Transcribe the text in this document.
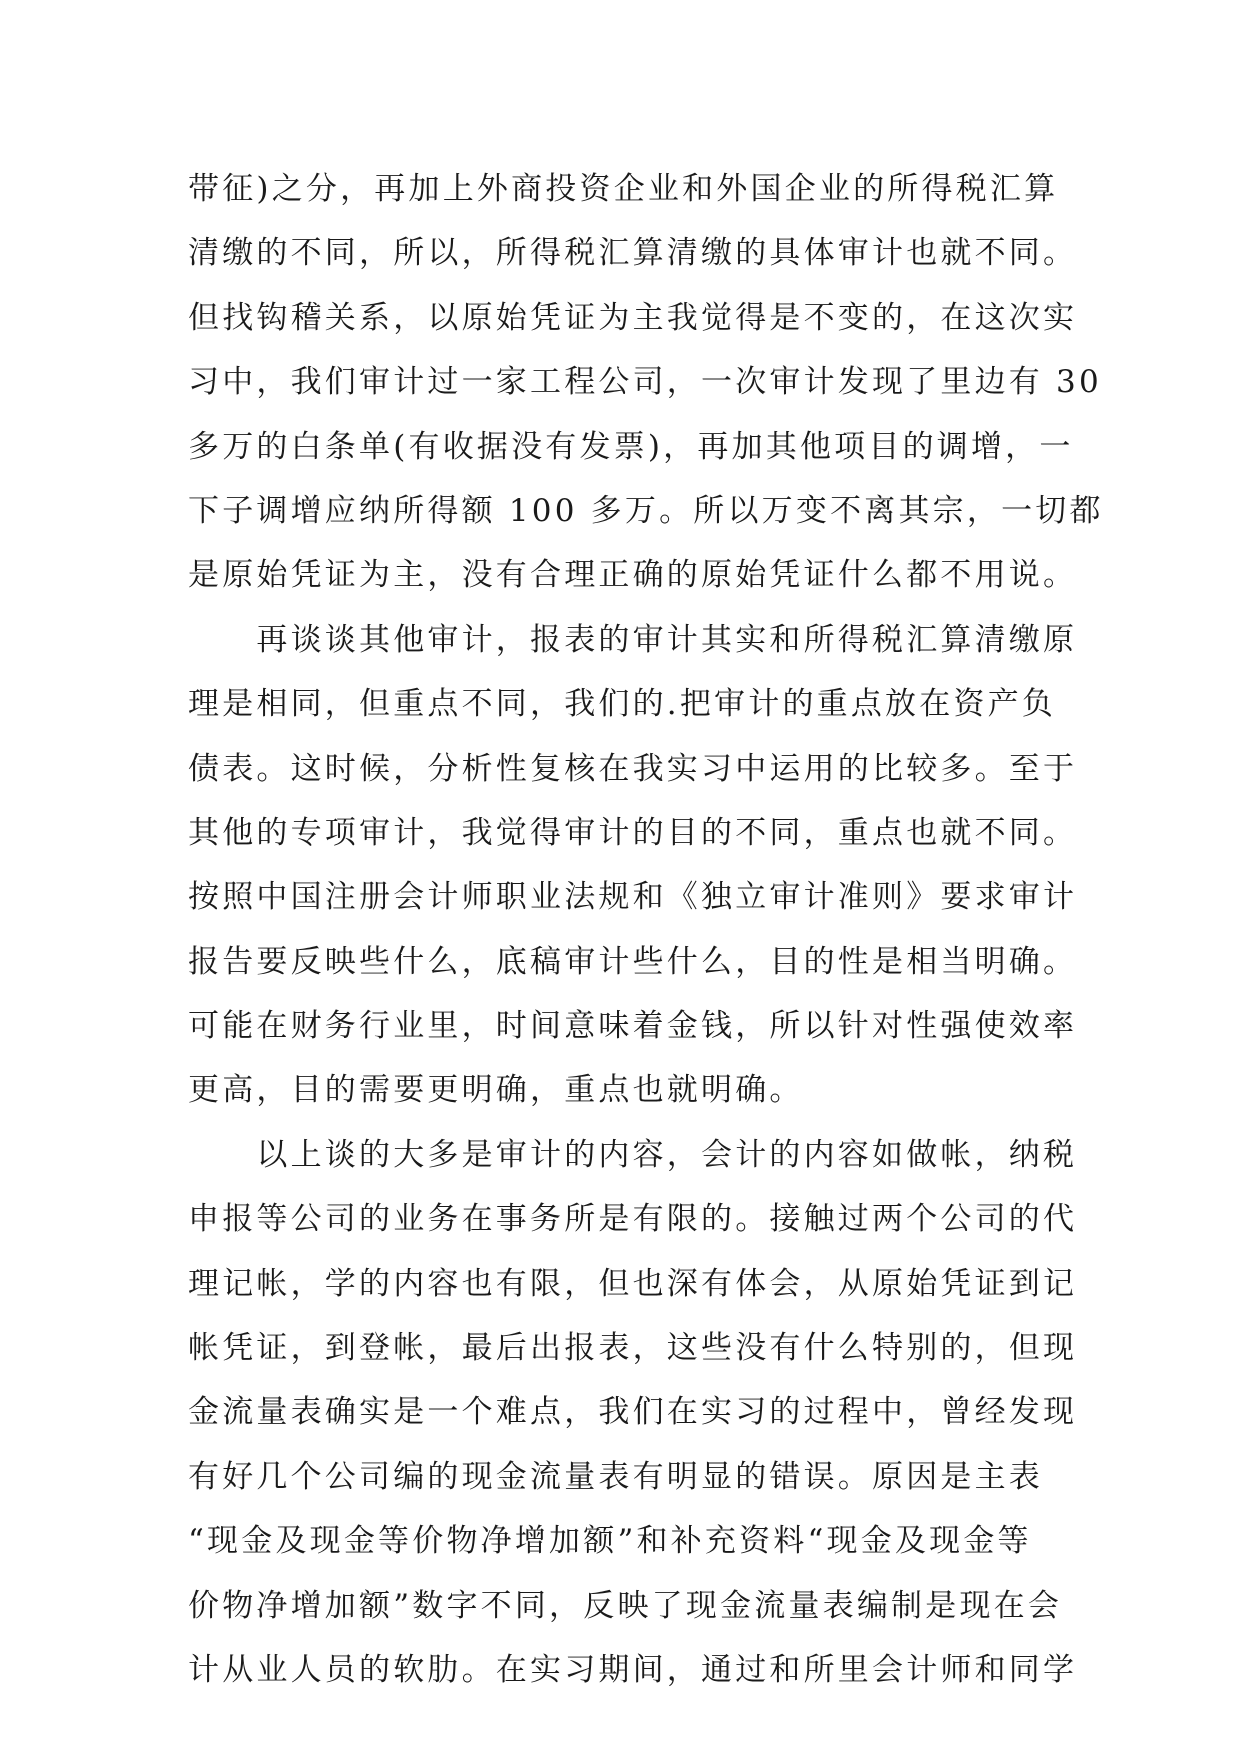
带征)之分，再加上外商投资企业和外国企业的所得税汇算
清缴的不同，所以，所得税汇算清缴的具体审计也就不同。
但找钩稽关系，以原始凭证为主我觉得是不变的，在这次实
习中，我们审计过一家工程公司，一次审计发现了里边有 30
多万的白条单(有收据没有发票)，再加其他项目的调增，一
下子调增应纳所得额 100 多万。所以万变不离其宗，一切都
是原始凭证为主，没有合理正确的原始凭证什么都不用说。
　　再谈谈其他审计，报表的审计其实和所得税汇算清缴原
理是相同，但重点不同，我们的.把审计的重点放在资产负
债表。这时候，分析性复核在我实习中运用的比较多。至于
其他的专项审计，我觉得审计的目的不同，重点也就不同。
按照中国注册会计师职业法规和《独立审计准则》要求审计
报告要反映些什么，底稿审计些什么，目的性是相当明确。
可能在财务行业里，时间意味着金钱，所以针对性强使效率
更高，目的需要更明确，重点也就明确。
　　以上谈的大多是审计的内容，会计的内容如做帐，纳税
申报等公司的业务在事务所是有限的。接触过两个公司的代
理记帐，学的内容也有限，但也深有体会，从原始凭证到记
帐凭证，到登帐，最后出报表，这些没有什么特别的，但现
金流量表确实是一个难点，我们在实习的过程中，曾经发现
有好几个公司编的现金流量表有明显的错误。原因是主表
“现金及现金等价物净增加额”和补充资料“现金及现金等
价物净增加额”数字不同，反映了现金流量表编制是现在会
计从业人员的软肋。在实习期间，通过和所里会计师和同学
